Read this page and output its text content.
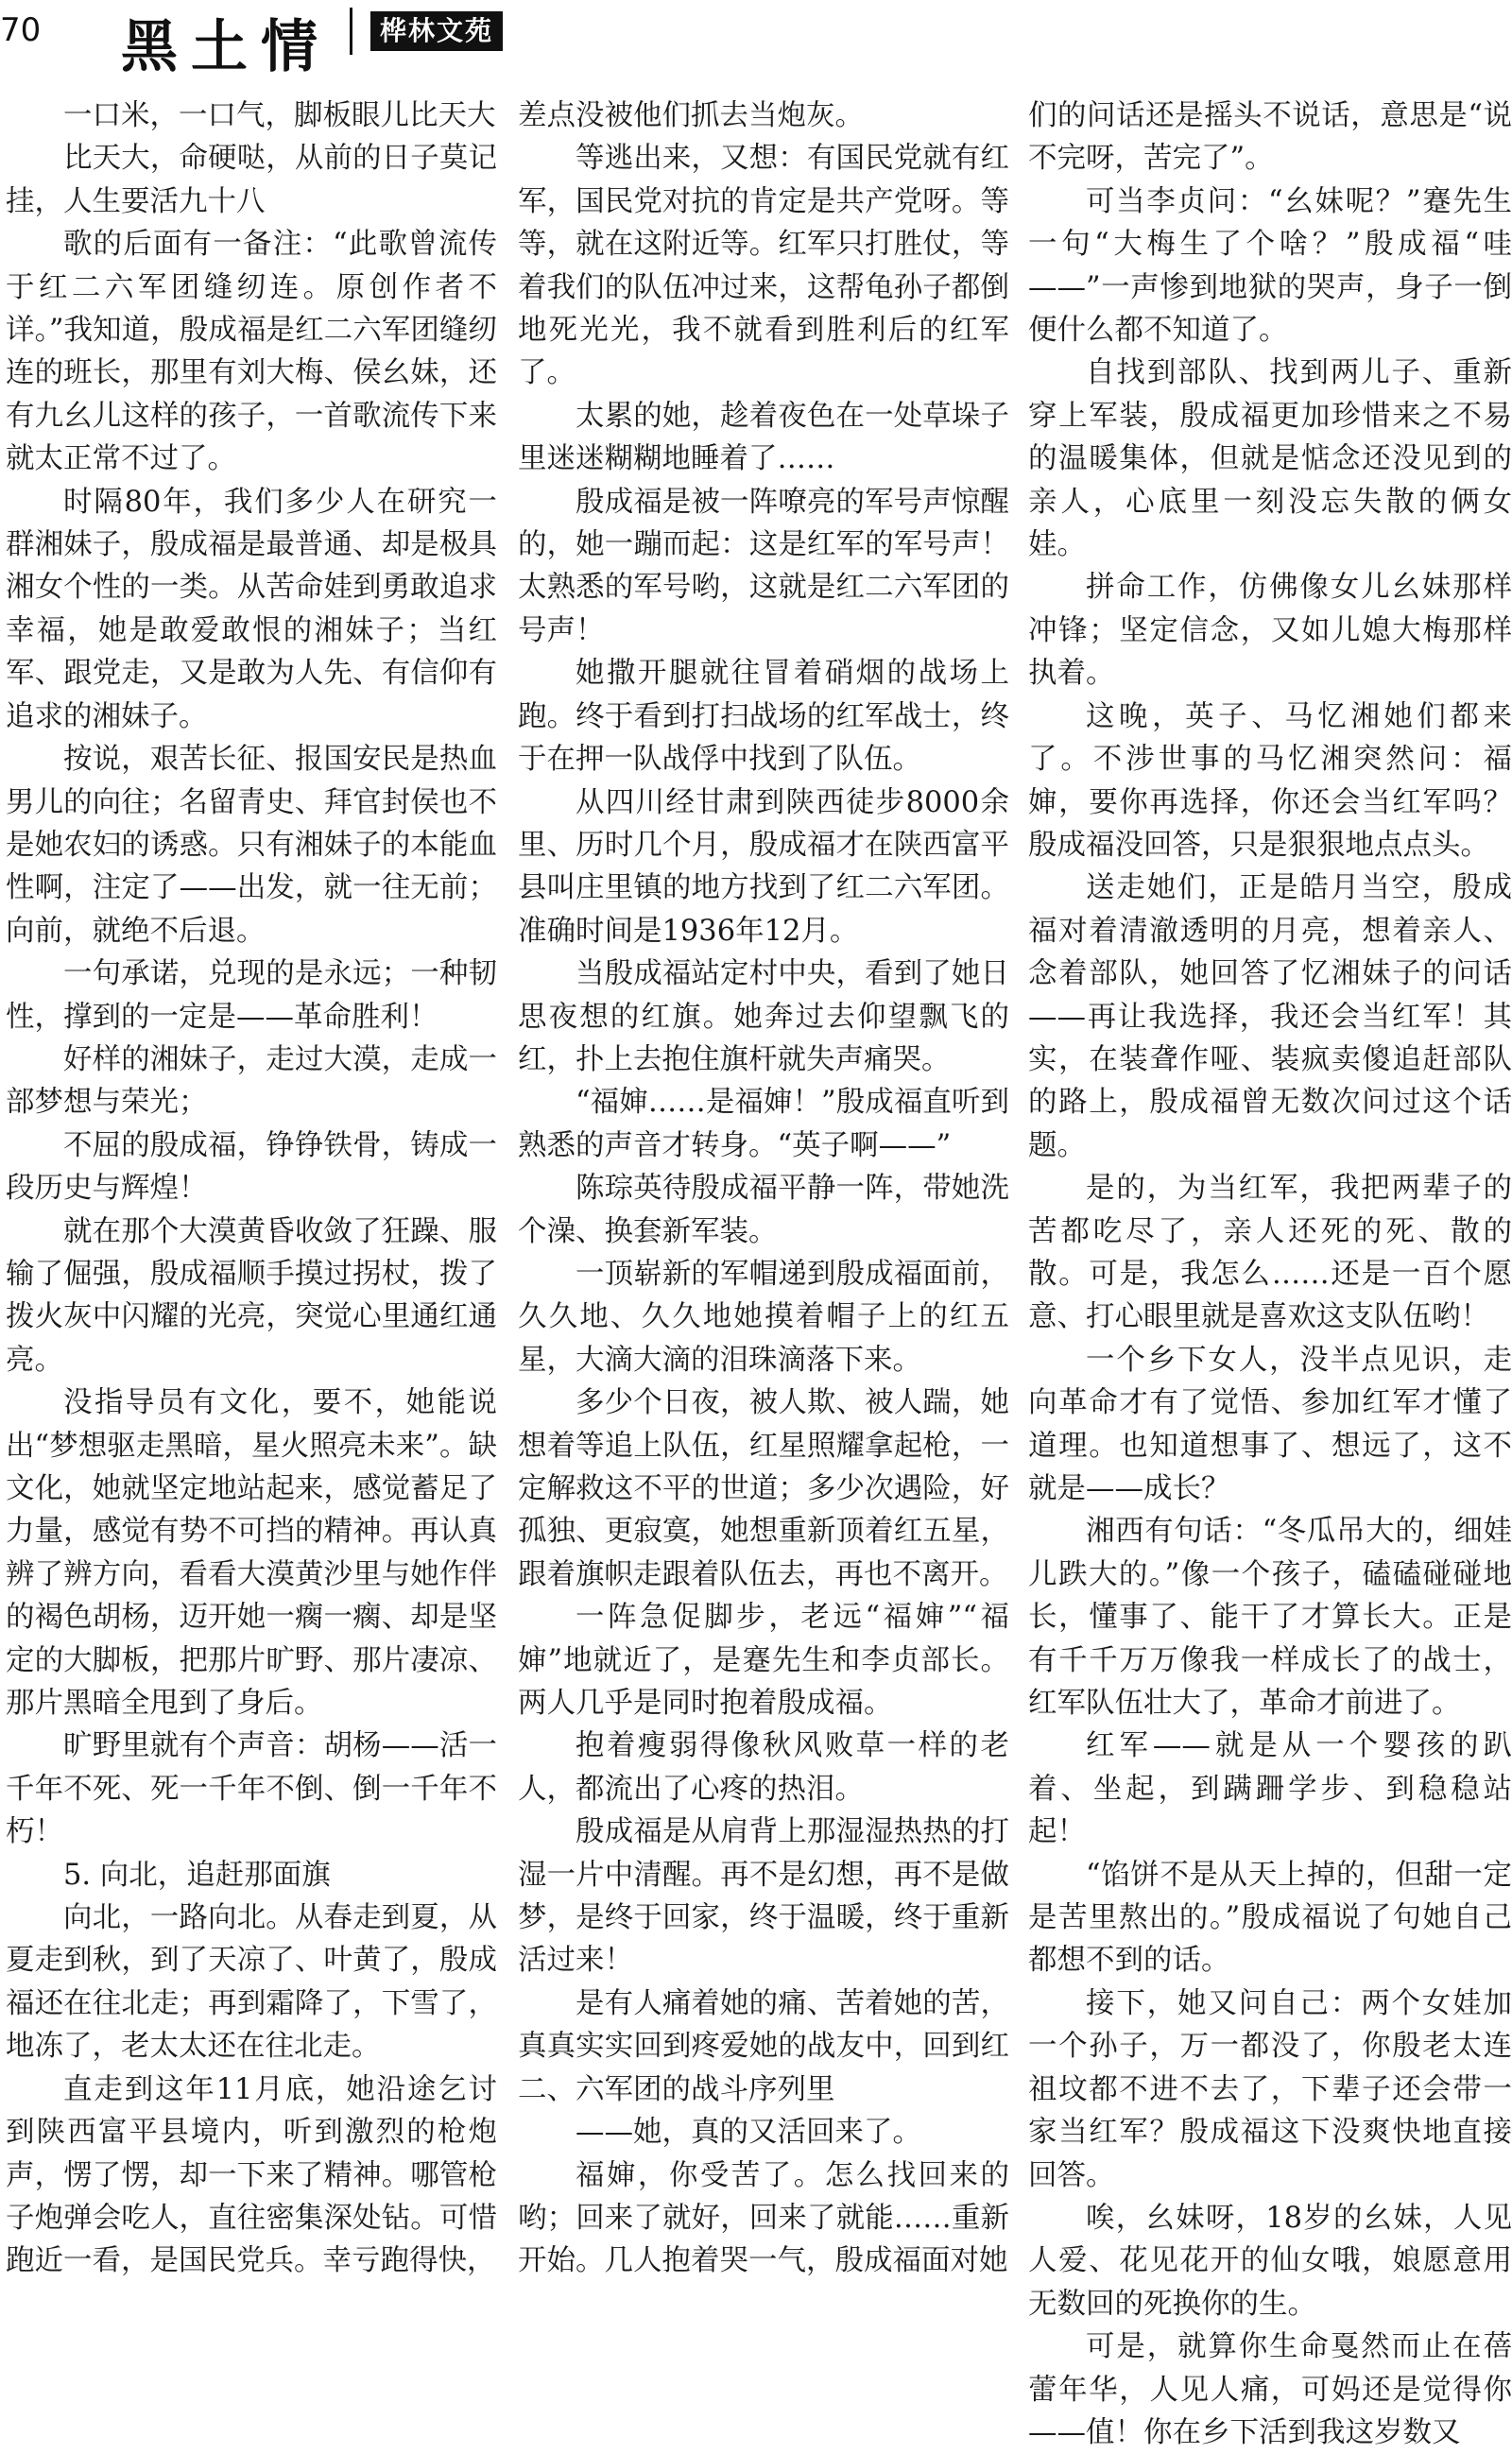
70 黑土情	桦林文苑

一口米，一口气，脚板眼儿比天大

比天大，命硬哒，从前的日子莫记挂，人生要活九十八

歌的后面有一备注：“此歌曾流传于红二六军团缝纫连。原创作者不详。”我知道，殷成福是红二六军团缝纫连的班长，那里有刘大梅、侯幺妹，还有九幺儿这样的孩子，一首歌流传下来就太正常不过了。

时隔80年，我们多少人在研究一群湘妹子，殷成福是最普通、却是极具湘女个性的一类。从苦命娃到勇敢追求幸福，她是敢爱敢恨的湘妹子；当红军、跟党走，又是敢为人先、有信仰有追求的湘妹子。

按说，艰苦长征、报国安民是热血男儿的向往；名留青史、拜官封侯也不是她农妇的诱惑。只有湘妹子的本能血性啊，注定了——出发，就一往无前；向前，就绝不后退。

一句承诺，兑现的是永远；一种韧性，撑到的一定是——革命胜利！

好样的湘妹子，走过大漠，走成一部梦想与荣光；

不屈的殷成福，铮铮铁骨，铸成一段历史与辉煌！

就在那个大漠黄昏收敛了狂躁、服输了倔强，殷成福顺手摸过拐杖，拨了拨火灰中闪耀的光亮，突觉心里通红通亮。

没指导员有文化，要不，她能说出“梦想驱走黑暗，星火照亮未来”。缺文化，她就坚定地站起来，感觉蓄足了力量，感觉有势不可挡的精神。再认真辨了辨方向，看看大漠黄沙里与她作伴的褐色胡杨，迈开她一瘸一瘸、却是坚定的大脚板，把那片旷野、那片凄凉、那片黑暗全甩到了身后。

旷野里就有个声音：胡杨——活一千年不死、死一千年不倒、倒一千年不朽！

5. 向北，追赶那面旗

向北，一路向北。从春走到夏，从夏走到秋，到了天凉了、叶黄了，殷成福还在往北走；再到霜降了，下雪了，地冻了，老太太还在往北走。

直走到这年11月底，她沿途乞讨到陕西富平县境内，听到激烈的枪炮声，愣了愣，却一下来了精神。哪管枪子炮弹会吃人，直往密集深处钻。可惜跑近一看，是国民党兵。幸亏跑得快，

差点没被他们抓去当炮灰。

等逃出来，又想：有国民党就有红军，国民党对抗的肯定是共产党呀。等等，就在这附近等。红军只打胜仗，等着我们的队伍冲过来，这帮龟孙子都倒地死光光，我不就看到胜利后的红军了。

太累的她，趁着夜色在一处草垛子里迷迷糊糊地睡着了……

殷成福是被一阵嘹亮的军号声惊醒的，她一蹦而起：这是红军的军号声！太熟悉的军号哟，这就是红二六军团的号声！

她撒开腿就往冒着硝烟的战场上跑。终于看到打扫战场的红军战士，终于在押一队战俘中找到了队伍。

从四川经甘肃到陕西徒步8000余里、历时几个月，殷成福才在陕西富平县叫庄里镇的地方找到了红二六军团。准确时间是1936年12月。

当殷成福站定村中央，看到了她日思夜想的红旗。她奔过去仰望飘飞的红，扑上去抱住旗杆就失声痛哭。

“福婶……是福婶！”殷成福直听到熟悉的声音才转身。“英子啊——”

陈琮英待殷成福平静一阵，带她洗个澡、换套新军装。

一顶崭新的军帽递到殷成福面前，久久地、久久地她摸着帽子上的红五星，大滴大滴的泪珠滴落下来。

多少个日夜，被人欺、被人踹，她想着等追上队伍，红星照耀拿起枪，一定解救这不平的世道；多少次遇险，好孤独、更寂寞，她想重新顶着红五星，跟着旗帜走跟着队伍去，再也不离开。

一阵急促脚步，老远“福婶”“福婶”地就近了，是蹇先生和李贞部长。两人几乎是同时抱着殷成福。

抱着瘦弱得像秋风败草一样的老人，都流出了心疼的热泪。

殷成福是从肩背上那湿湿热热的打湿一片中清醒。再不是幻想，再不是做梦，是终于回家，终于温暖，终于重新活过来！

是有人痛着她的痛、苦着她的苦，真真实实回到疼爱她的战友中，回到红二、六军团的战斗序列里

——她，真的又活回来了。

福婶，你受苦了。怎么找回来的哟；回来了就好，回来了就能……重新开始。几人抱着哭一气，殷成福面对她

们的问话还是摇头不说话，意思是“说不完呀，苦完了”。

可当李贞问：“幺妹呢？”蹇先生一句“大梅生了个啥？”殷成福“哇——”一声惨到地狱的哭声，身子一倒便什么都不知道了。

自找到部队、找到两儿子、重新穿上军装，殷成福更加珍惜来之不易的温暖集体，但就是惦念还没见到的亲人，心底里一刻没忘失散的俩女娃。

拼命工作，仿佛像女儿幺妹那样冲锋；坚定信念，又如儿媳大梅那样执着。

这晚，英子、马忆湘她们都来了。不涉世事的马忆湘突然问：福婶，要你再选择，你还会当红军吗？殷成福没回答，只是狠狠地点点头。

送走她们，正是皓月当空，殷成福对着清澈透明的月亮，想着亲人、念着部队，她回答了忆湘妹子的问话——再让我选择，我还会当红军！其实，在装聋作哑、装疯卖傻追赶部队的路上，殷成福曾无数次问过这个话题。

是的，为当红军，我把两辈子的苦都吃尽了，亲人还死的死、散的散。可是，我怎么……还是一百个愿意、打心眼里就是喜欢这支队伍哟！

一个乡下女人，没半点见识，走向革命才有了觉悟、参加红军才懂了道理。也知道想事了、想远了，这不就是——成长？

湘西有句话：“冬瓜吊大的，细娃儿跌大的。”像一个孩子，磕磕碰碰地长，懂事了、能干了才算长大。正是有千千万万像我一样成长了的战士，红军队伍壮大了，革命才前进了。

红军——就是从一个婴孩的趴着、坐起，到蹒跚学步、到稳稳站起！

“馅饼不是从天上掉的，但甜一定是苦里熬出的。”殷成福说了句她自己都想不到的话。

接下，她又问自己：两个女娃加一个孙子，万一都没了，你殷老太连祖坟都不进不去了，下辈子还会带一家当红军？殷成福这下没爽快地直接回答。

唉，幺妹呀，18岁的幺妹，人见人爱、花见花开的仙女哦，娘愿意用无数回的死换你的生。

可是，就算你生命戛然而止在蓓蕾年华，人见人痛，可妈还是觉得你——值！你在乡下活到我这岁数又
